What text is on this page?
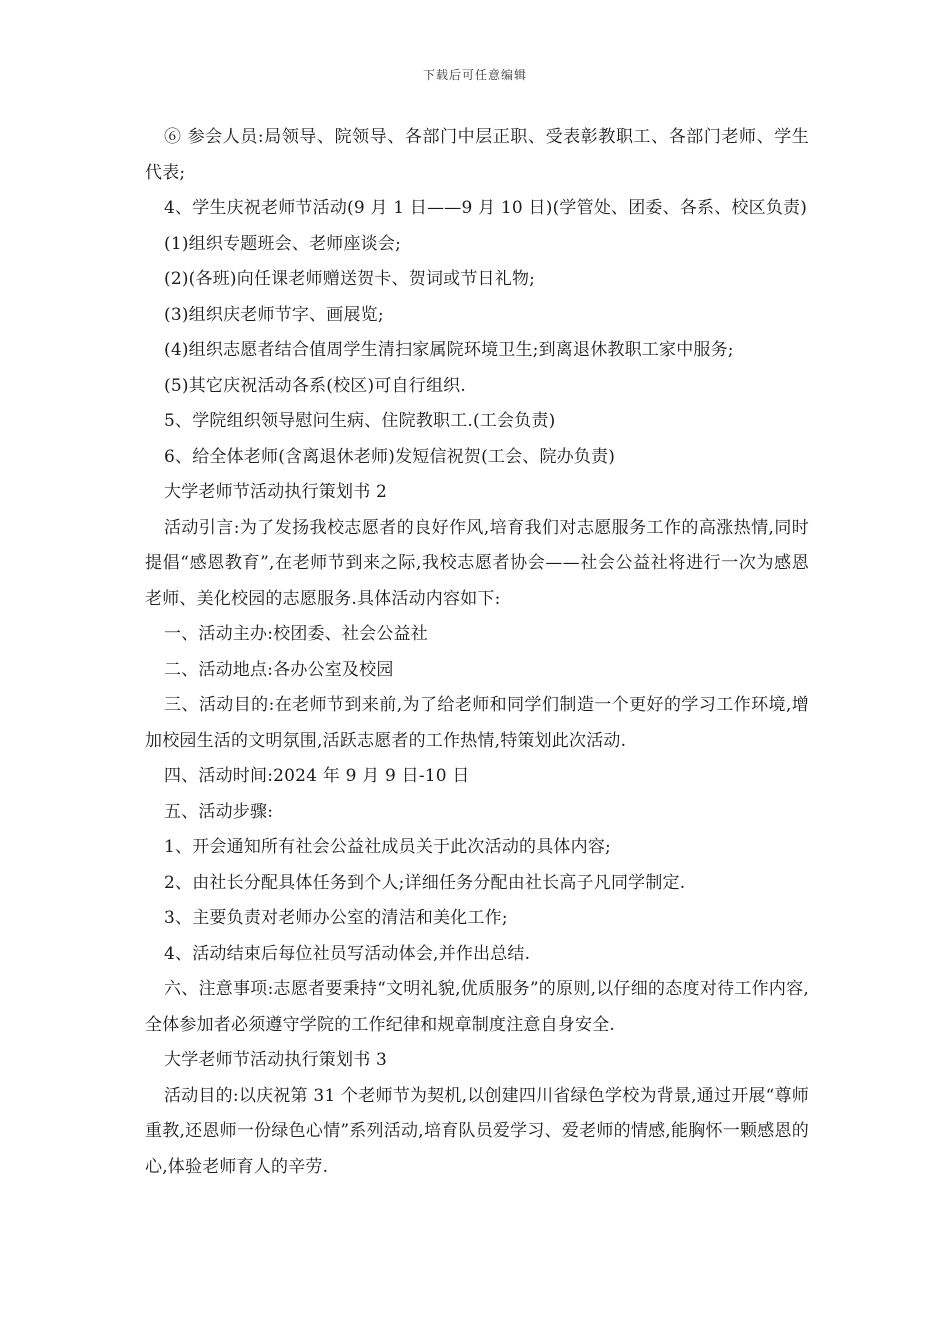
下载后可任意编辑

⑥ 参会人员:局领导、院领导、各部门中层正职、受表彰教职工、各部门老师、学生代表;

4、学生庆祝老师节活动(9 月 1 日——9 月 10 日)(学管处、团委、各系、校区负责)

(1)组织专题班会、老师座谈会;

(2)(各班)向任课老师赠送贺卡、贺词或节日礼物;

(3)组织庆老师节字、画展览;

(4)组织志愿者结合值周学生清扫家属院环境卫生;到离退休教职工家中服务;

(5)其它庆祝活动各系(校区)可自行组织.

5、学院组织领导慰问生病、住院教职工.(工会负责)

6、给全体老师(含离退休老师)发短信祝贺(工会、院办负责)

大学老师节活动执行策划书 2

活动引言:为了发扬我校志愿者的良好作风,培育我们对志愿服务工作的高涨热情,同时提倡“感恩教育”,在老师节到来之际,我校志愿者协会——社会公益社将进行一次为感恩老师、美化校园的志愿服务.具体活动内容如下:

一、活动主办:校团委、社会公益社

二、活动地点:各办公室及校园

三、活动目的:在老师节到来前,为了给老师和同学们制造一个更好的学习工作环境,增加校园生活的文明氛围,活跃志愿者的工作热情,特策划此次活动.

四、活动时间:2024 年 9 月 9 日-10 日

五、活动步骤:

1、开会通知所有社会公益社成员关于此次活动的具体内容;

2、由社长分配具体任务到个人;详细任务分配由社长高子凡同学制定.

3、主要负责对老师办公室的清洁和美化工作;

4、活动结束后每位社员写活动体会,并作出总结.

六、注意事项:志愿者要秉持“文明礼貌,优质服务”的原则,以仔细的态度对待工作内容,全体参加者必须遵守学院的工作纪律和规章制度注意自身安全.

大学老师节活动执行策划书 3

活动目的:以庆祝第 31 个老师节为契机,以创建四川省绿色学校为背景,通过开展“尊师重教,还恩师一份绿色心情”系列活动,培育队员爱学习、爱老师的情感,能胸怀一颗感恩的心,体验老师育人的辛劳.
